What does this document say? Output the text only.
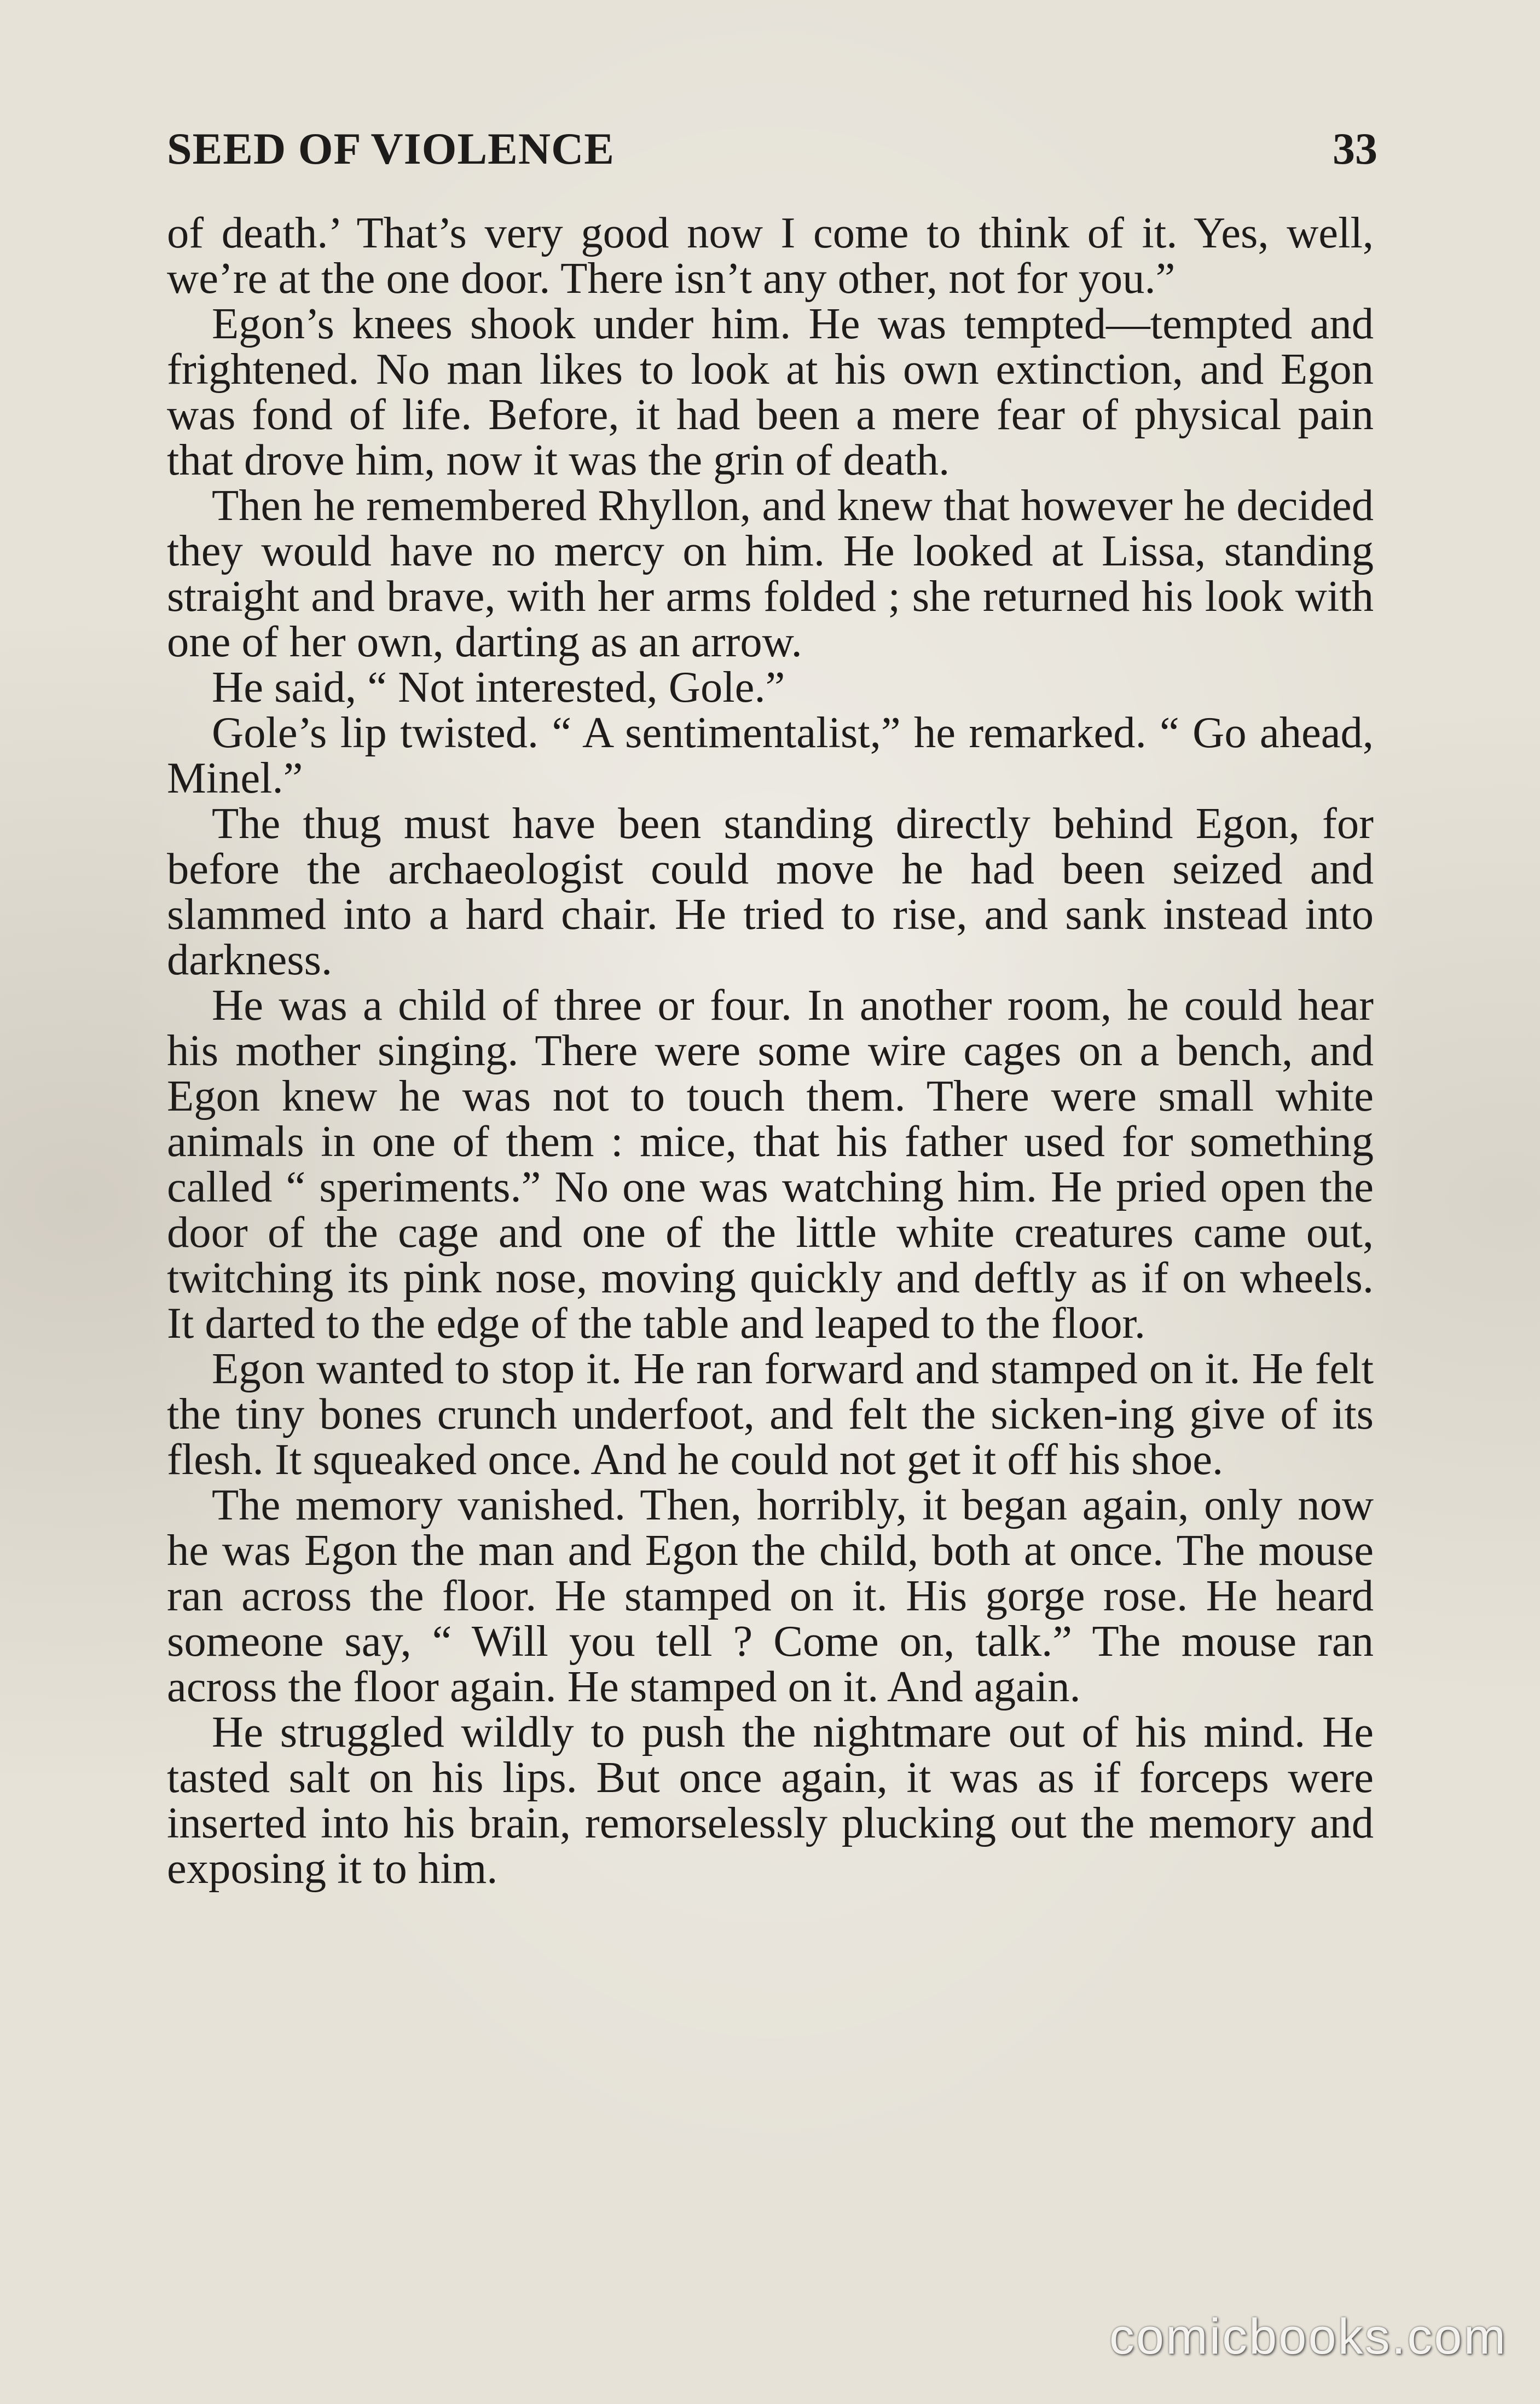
SEED OF VIOLENCE	33

of death.’ That’s very good now I come to think of it. Yes, well, we’re at the one door. There isn’t any other, not for you.”

Egon’s knees shook under him. He was tempted—tempted and frightened. No man likes to look at his own extinction, and Egon was fond of life. Before, it had been a mere fear of physical pain that drove him, now it was the grin of death.

Then he remembered Rhyllon, and knew that however he decided they would have no mercy on him. He looked at Lissa, standing straight and brave, with her arms folded ; she returned his look with one of her own, darting as an arrow.

He said, “ Not interested, Gole.”

Gole’s lip twisted. “ A sentimentalist,” he remarked. “ Go ahead, Minel.”

The thug must have been standing directly behind Egon, for before the archaeologist could move he had been seized and slammed into a hard chair. He tried to rise, and sank instead into darkness.

He was a child of three or four. In another room, he could hear his mother singing. There were some wire cages on a bench, and Egon knew he was not to touch them. There were small white animals in one of them : mice, that his father used for something called “ speriments.” No one was watching him. He pried open the door of the cage and one of the little white creatures came out, twitching its pink nose, moving quickly and deftly as if on wheels. It darted to the edge of the table and leaped to the floor.

Egon wanted to stop it. He ran forward and stamped on it. He felt the tiny bones crunch underfoot, and felt the sicken-ing give of its flesh. It squeaked once. And he could not get it off his shoe.

The memory vanished. Then, horribly, it began again, only now he was Egon the man and Egon the child, both at once. The mouse ran across the floor. He stamped on it. His gorge rose. He heard someone say, “ Will you tell ? Come on, talk.” The mouse ran across the floor again. He stamped on it. And again.

He struggled wildly to push the nightmare out of his mind. He tasted salt on his lips. But once again, it was as if forceps were inserted into his brain, remorselessly plucking out the memory and exposing it to him.

comicbooks.com
